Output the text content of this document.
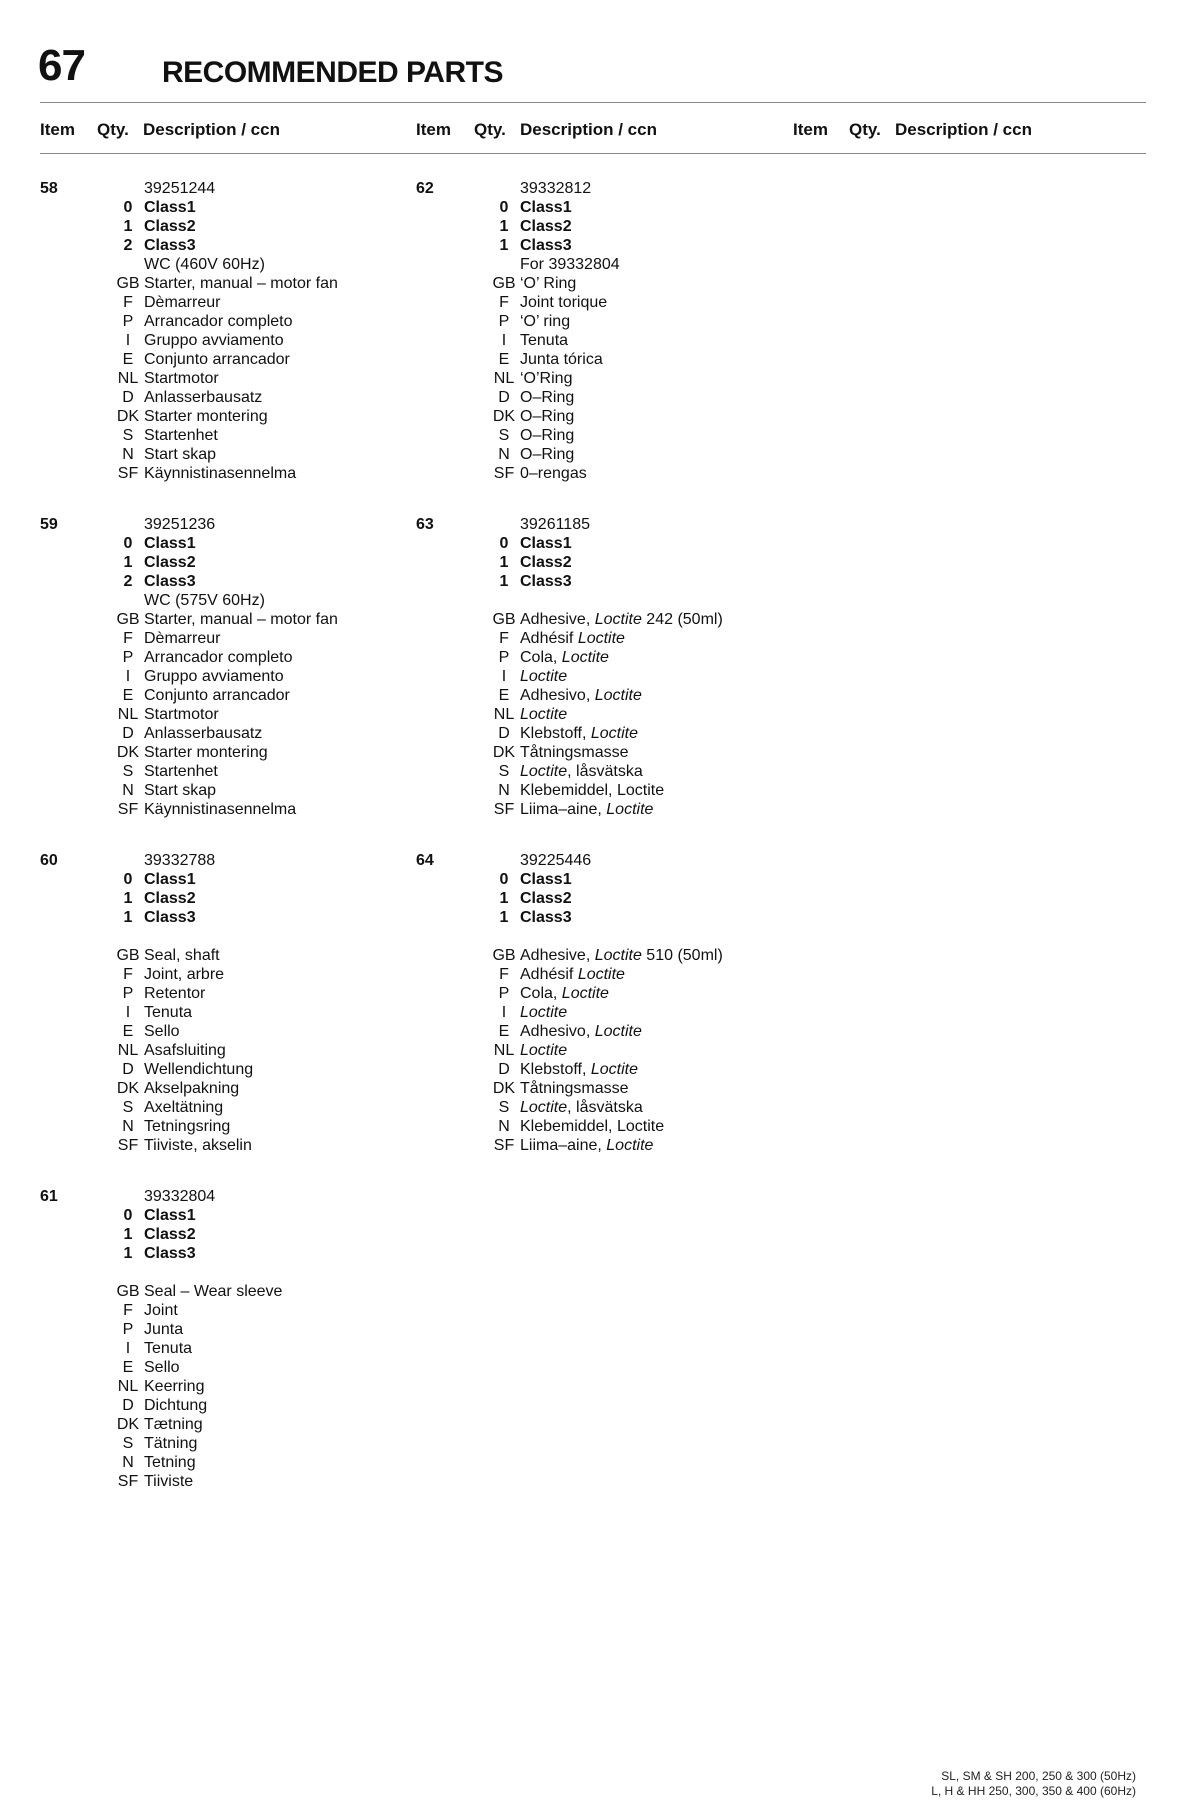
67	RECOMMENDED PARTS
Item Qty. Description / ccn	Item Qty. Description / ccn	Item Qty. Description / ccn
58	39251244
0 Class1
1 Class2
2 Class3
WC (460V 60Hz)
GB Starter, manual – motor fan
F Dèmarreur
P Arrancador completo
I Gruppo avviamento
E Conjunto arrancador
NL Startmotor
D Anlasserbausatz
DK Starter montering
S Startenhet
N Start skap
SF Käynnistinasennelma
59	39251236
0 Class1
1 Class2
2 Class3
WC (575V 60Hz)
GB Starter, manual – motor fan
F Dèmarreur
P Arrancador completo
I Gruppo avviamento
E Conjunto arrancador
NL Startmotor
D Anlasserbausatz
DK Starter montering
S Startenhet
N Start skap
SF Käynnistinasennelma
60	39332788
0 Class1
1 Class2
1 Class3
GB Seal, shaft
F Joint, arbre
P Retentor
I Tenuta
E Sello
NL Asafsluiting
D Wellendichtung
DK Akselpakning
S Axeltätning
N Tetningsring
SF Tiiviste, akselin
61	39332804
0 Class1
1 Class2
1 Class3
GB Seal – Wear sleeve
F Joint
P Junta
I Tenuta
E Sello
NL Keerring
D Dichtung
DK Tætning
S Tätning
N Tetning
SF Tiiviste
62	39332812
0 Class1
1 Class2
1 Class3
For 39332804
GB ‘O’ Ring
F Joint torique
P ‘O’ ring
I Tenuta
E Junta tórica
NL ‘O’Ring
D O–Ring
DK O–Ring
S O–Ring
N O–Ring
SF 0–rengas
63	39261185
0 Class1
1 Class2
1 Class3
GB Adhesive, Loctite 242 (50ml)
F Adhésif Loctite
P Cola, Loctite
I Loctite
E Adhesivo, Loctite
NL Loctite
D Klebstoff, Loctite
DK Tåtningsmasse
S Loctite, låsvätska
N Klebemiddel, Loctite
SF Liima–aine, Loctite
64	39225446
0 Class1
1 Class2
1 Class3
GB Adhesive, Loctite 510 (50ml)
F Adhésif Loctite
P Cola, Loctite
I Loctite
E Adhesivo, Loctite
NL Loctite
D Klebstoff, Loctite
DK Tåtningsmasse
S Loctite, låsvätska
N Klebemiddel, Loctite
SF Liima–aine, Loctite
SL, SM & SH 200, 250 & 300 (50Hz)
L, H & HH 250, 300, 350 & 400 (60Hz)
